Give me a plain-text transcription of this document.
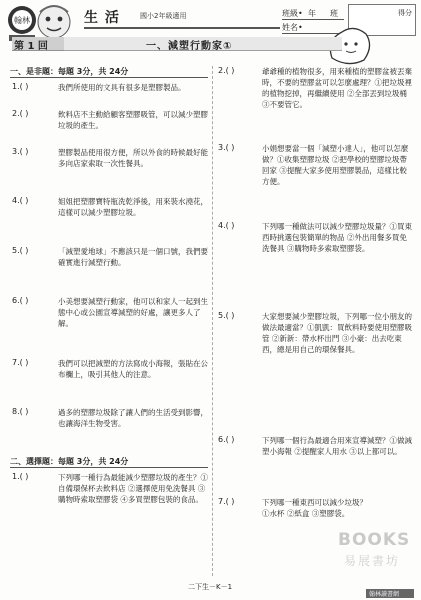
翰林	生 活	國小2年級適用	班級• 年 班
姓名•
得分
第 1 回	一、減塑行動家①
一、是非題：每題 3分，共 24分
1.( )	我們所使用的文具有很多是塑膠製品。
2.( )	飲料店不主動給顧客塑膠吸管，可以減少塑膠垃圾的產生。
3.( )	塑膠製品使用很方便，所以外食的時候最好能多向店家索取一次性餐具。
4.( )	姐姐把塑膠寶特瓶洗乾淨後，用來裝水澆花，這樣可以減少塑膠垃圾。
5.( )	「減塑愛地球」不應該只是一個口號，我們要確實進行減塑行動。
6.( )	小美想要減塑行動家，他可以和家人一起到生態中心或公園宣導減塑的好處，讓更多人了解。
7.( )	我們可以把減塑的方法寫成小海報，張貼在公布欄上，吸引其他人的注意。
8.( )	過多的塑膠垃圾除了讓人們的生活受到影響，也讓海洋生物受害。
二、選擇題：每題 3分，共 24分
1.( )	下列哪一種行為最能減少塑膠垃圾的產生？①自備環保杯去飲料店 ②選擇使用免洗餐具 ③購物時索取塑膠袋 ④多買塑膠包裝的食品。
2.( )	爺爺種的植物很多，用來種植的塑膠盆被丟棄時，不要的塑膠盆可以怎麼處理？①把垃圾裡的植物挖掉，再繼續使用 ②全部丟到垃圾桶 ③不要管它。
3.( )	小娟想要當一個「減塑小達人」，他可以怎麼做？①收集塑膠垃圾 ②把學校的塑膠垃圾帶回家 ③提醒大家多使用塑膠製品，這樣比較方便。
4.( )	下列哪一種做法可以減少塑膠垃圾量？①買東西時挑選包裝簡單的物品 ②外出用餐多買免洗餐具 ③購物時多索取塑膠袋。
5.( )	大家想要減少塑膠垃圾，下列哪一位小朋友的做法最適當？①凱凱：買飲料時要使用塑膠吸管 ②新新：帶水杯出門 ③小豪：出去吃東西，總是用自己的環保餐具。
6.( )	下列哪一個行為最適合用來宣導減塑？①做減塑小海報 ②提醒家人用水 ③以上都可以。
7.( )	下列哪一種東西可以減少垃圾？①水杯 ②紙盒 ③塑膠袋。
BOOKS
易展書坊
二下生－K－1
翰林讀書網
